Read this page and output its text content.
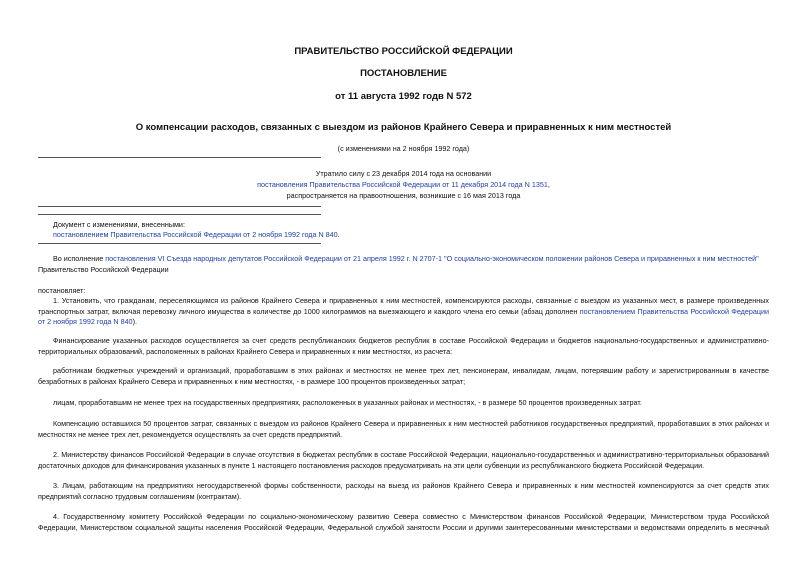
ПРАВИТЕЛЬСТВО РОССИЙСКОЙ ФЕДЕРАЦИИ
ПОСТАНОВЛЕНИЕ
от 11 августа 1992 годв N 572
О компенсации расходов, связанных с выездом из районов Крайнего Севера и приравненных к ним местностей
(с изменениями на 2 ноября 1992 года)
Утратило силу с 23 декабря 2014 года на основании
постановления Правительства Российской Федерации от 11 декабря 2014 года N 1351,
распространяется на правоотношения, возникшие с 16 мая 2013 года
Документ с изменениями, внесенными:
постановлением Правительства Российской Федерации от 2 ноября 1992 года N 840.
Во исполнение постановления VI Съезда народных депутатов Российской Федерации от 21 апреля 1992 г. N 2707-1 "О социально-экономическом положении районов Севера и приравненных к ним местностей"
Правительство Российской Федерации
постановляет:
1. Установить, что гражданам, переселяющимся из районов Крайнего Севера и приравненных к ним местностей, компенсируются расходы, связанные с выездом из указанных мест, в размере произведенных
транспортных затрат, включая перевозку личного имущества в количестве до 1000 килограммов на выезжающего и каждого члена его семьи (абзац дополнен постановлением Правительства Российской Федерации
от 2 ноября 1992 года N 840).
Финансирование указанных расходов осуществляется за счет средств республиканских бюджетов республик в составе Российской Федерации и бюджетов национально-государственных и административно-
территориальных образований, расположенных в районах Крайнего Севера и приравненных к ним местностях, из расчета:
работникам бюджетных учреждений и организаций, проработавшим в этих районах и местностях не менее трех лет, пенсионерам, инвалидам, лицам, потерявшим работу и зарегистрированным в качестве
безработных в районах Крайнего Севера и приравненных к ним местностях, - в размере 100 процентов произведенных затрат;
лицам, проработавшим не менее трех на государственных предприятиях, расположенных в указанных районах и местностях, - в размере 50 процентов произведенных затрат.
Компенсацию оставшихся 50 процентов затрат, связанных с выездом из районов Крайнего Севера и приравненных к ним местностей работников государственных предприятий, проработавших в этих районах и
местностях не менее трех лет, рекомендуется осуществлять за счет средств предприятий.
2. Министерству финансов Российской Федерации в случае отсутствия в бюджетах республик в составе Российской Федерации, национально-государственных и административно-территориальных образований
достаточных доходов для финансирования указанных в пункте 1 настоящего постановления расходов предусматривать на эти цели субвенции из республиканского бюджета Российской Федерации.
3. Лицам, работающим на предприятиях негосударственной формы собственности, расходы на выезд из районов Крайнего Севера и приравненных к ним местностей компенсируются за счет средств этих
предприятий согласно трудовым соглашениям (контрактам).
4. Государственному комитету Российской Федерации по социально-экономическому развитию Севера совместно с Министерством финансов Российской Федерации, Министерством труда Российской
Федерации, Министерством социальной защиты населения Российской Федерации, Федеральной службой занятости России и другими заинтересованными министерствами и ведомствами определить в месячный
